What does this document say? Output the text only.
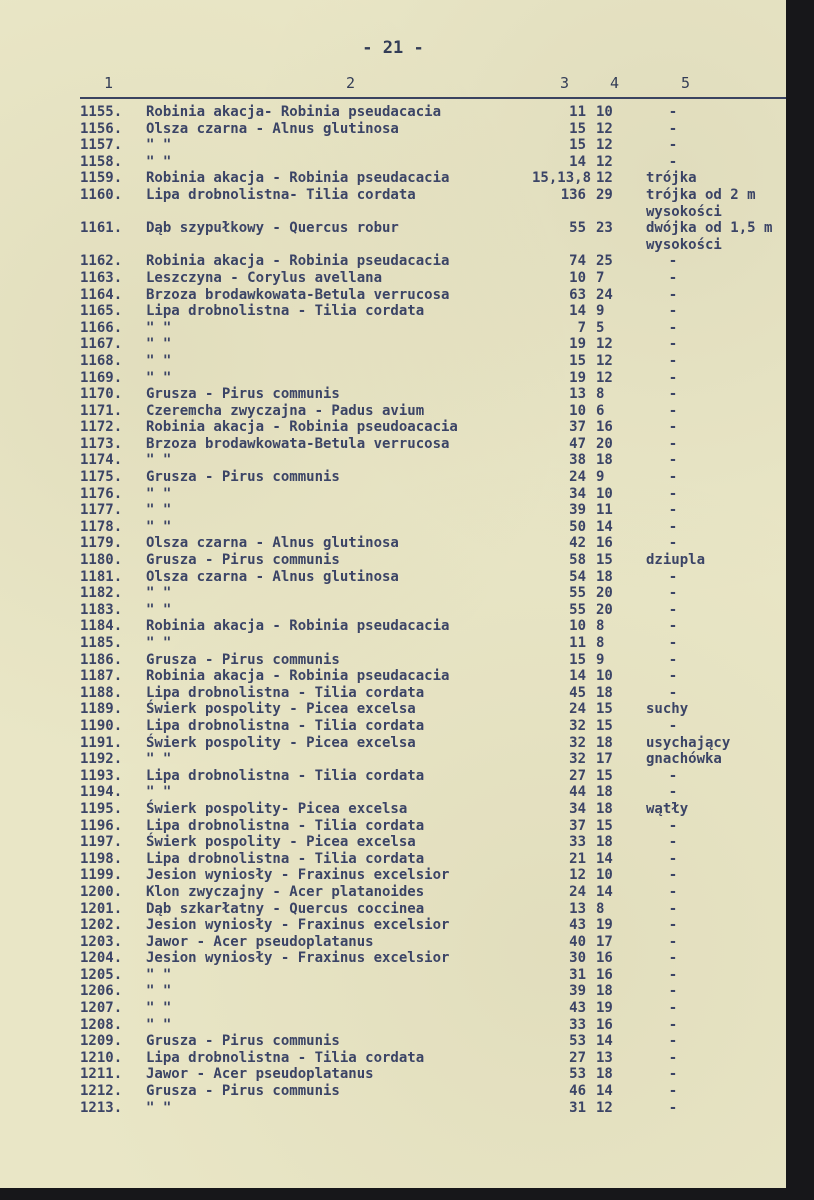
- 21 -
1	2	3	4	5
1155. Robinia akacja- Robinia pseudacacia	11 10	-
1156. Olsza czarna - Alnus glutinosa	15 12	-
1157. " "	15 12	-
1158. " "	14 12	-
1159. Robinia akacja - Robinia pseudacacia	15,13,8 12	trójka
1160. Lipa drobnolistna- Tilia cordata	136 29	trójka od 2 m wysokości
1161. Dąb szypułkowy - Quercus robur	55 23	dwójka od 1,5 m wysokości
1162. Robinia akacja - Robinia pseudacacia	74 25	-
1163. Leszczyna - Corylus avellana	10 7	-
1164. Brzoza brodawkowata-Betula verrucosa	63 24	-
1165. Lipa drobnolistna - Tilia cordata	14 9	-
1166. " "	7 5	-
1167. " "	19 12	-
1168. " "	15 12	-
1169. " "	19 12	-
1170. Grusza - Pirus communis	13 8	-
1171. Czeremcha zwyczajna - Padus avium	10 6	-
1172. Robinia akacja - Robinia pseudoacacia	37 16	-
1173. Brzoza brodawkowata-Betula verrucosa	47 20	-
1174. " "	38 18	-
1175. Grusza - Pirus communis	24 9	-
1176. " "	34 10	-
1177. " "	39 11	-
1178. " "	50 14	-
1179. Olsza czarna - Alnus glutinosa	42 16	-
1180. Grusza - Pirus communis	58 15	dziupla
1181. Olsza czarna - Alnus glutinosa	54 18	-
1182. " "	55 20	-
1183. " "	55 20	-
1184. Robinia akacja - Robinia pseudacacia	10 8	-
1185. " "	11 8	-
1186. Grusza - Pirus communis	15 9	-
1187. Robinia akacja - Robinia pseudacacia	14 10	-
1188. Lipa drobnolistna - Tilia cordata	45 18	-
1189. Świerk pospolity - Picea excelsa	24 15	suchy
1190. Lipa drobnolistna - Tilia cordata	32 15	-
1191. Świerk pospolity - Picea excelsa	32 18	usychający
1192. " "	32 17	gnachówka
1193. Lipa drobnolistna - Tilia cordata	27 15	-
1194. " "	44 18	-
1195. Świerk pospolity- Picea excelsa	34 18	wątły
1196. Lipa drobnolistna - Tilia cordata	37 15	-
1197. Świerk pospolity - Picea excelsa	33 18	-
1198. Lipa drobnolistna - Tilia cordata	21 14	-
1199. Jesion wyniosły - Fraxinus excelsior	12 10	-
1200. Klon zwyczajny - Acer platanoides	24 14	-
1201. Dąb szkarłatny - Quercus coccinea	13 8	-
1202. Jesion wyniosły - Fraxinus excelsior	43 19	-
1203. Jawor - Acer pseudoplatanus	40 17	-
1204. Jesion wyniosły - Fraxinus excelsior	30 16	-
1205. " "	31 16	-
1206. " "	39 18	-
1207. " "	43 19	-
1208. " "	33 16	-
1209. Grusza - Pirus communis	53 14	-
1210. Lipa drobnolistna - Tilia cordata	27 13	-
1211. Jawor - Acer pseudoplatanus	53 18	-
1212. Grusza - Pirus communis	46 14	-
1213. " "	31 12	-
